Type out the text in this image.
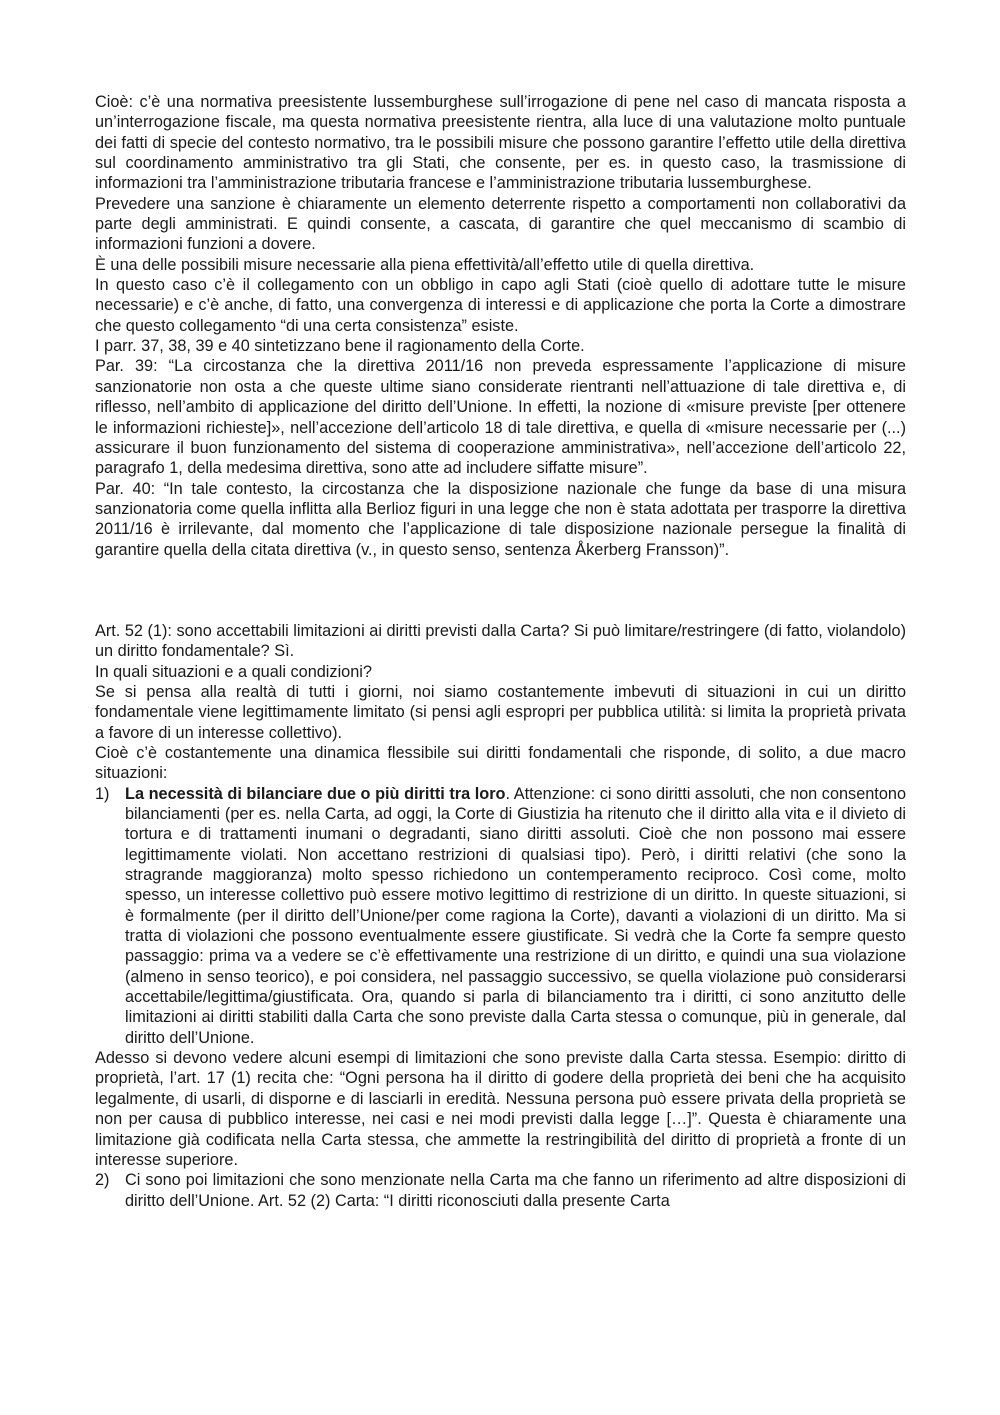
Cioè: c’è una normativa preesistente lussemburghese sull’irrogazione di pene nel caso di mancata risposta a un’interrogazione fiscale, ma questa normativa preesistente rientra, alla luce di una valutazione molto puntuale dei fatti di specie del contesto normativo, tra le possibili misure che possono garantire l’effetto utile della direttiva sul coordinamento amministrativo tra gli Stati, che consente, per es. in questo caso, la trasmissione di informazioni tra l’amministrazione tributaria francese e l’amministrazione tributaria lussemburghese.

Prevedere una sanzione è chiaramente un elemento deterrente rispetto a comportamenti non collaborativi da parte degli amministrati. E quindi consente, a cascata, di garantire che quel meccanismo di scambio di informazioni funzioni a dovere.

È una delle possibili misure necessarie alla piena effettività/all’effetto utile di quella direttiva.

In questo caso c’è il collegamento con un obbligo in capo agli Stati (cioè quello di adottare tutte le misure necessarie) e c’è anche, di fatto, una convergenza di interessi e di applicazione che porta la Corte a dimostrare che questo collegamento “di una certa consistenza” esiste.

I parr. 37, 38, 39 e 40 sintetizzano bene il ragionamento della Corte.

Par. 39: “La circostanza che la direttiva 2011/16 non preveda espressamente l’applicazione di misure sanzionatorie non osta a che queste ultime siano considerate rientranti nell’attuazione di tale direttiva e, di riflesso, nell’ambito di applicazione del diritto dell’Unione. In effetti, la nozione di «misure previste [per ottenere le informazioni richieste]», nell’accezione dell’articolo 18 di tale direttiva, e quella di «misure necessarie per (...) assicurare il buon funzionamento del sistema di cooperazione amministrativa», nell’accezione dell’articolo 22, paragrafo 1, della medesima direttiva, sono atte ad includere siffatte misure”.

Par. 40: “In tale contesto, la circostanza che la disposizione nazionale che funge da base di una misura sanzionatoria come quella inflitta alla Berlioz figuri in una legge che non è stata adottata per trasporre la direttiva 2011/16 è irrilevante, dal momento che l’applicazione di tale disposizione nazionale persegue la finalità di garantire quella della citata direttiva (v., in questo senso, sentenza Åkerberg Fransson)”.

Art. 52 (1): sono accettabili limitazioni ai diritti previsti dalla Carta? Si può limitare/restringere (di fatto, violandolo) un diritto fondamentale? Sì.

In quali situazioni e a quali condizioni?

Se si pensa alla realtà di tutti i giorni, noi siamo costantemente imbevuti di situazioni in cui un diritto fondamentale viene legittimamente limitato (si pensi agli espropri per pubblica utilità: si limita la proprietà privata a favore di un interesse collettivo).

Cioè c’è costantemente una dinamica flessibile sui diritti fondamentali che risponde, di solito, a due macro situazioni:

1) La necessità di bilanciare due o più diritti tra loro. Attenzione: ci sono diritti assoluti, che non consentono bilanciamenti (per es. nella Carta, ad oggi, la Corte di Giustizia ha ritenuto che il diritto alla vita e il divieto di tortura e di trattamenti inumani o degradanti, siano diritti assoluti. Cioè che non possono mai essere legittimamente violati. Non accettano restrizioni di qualsiasi tipo). Però, i diritti relativi (che sono la stragrande maggioranza) molto spesso richiedono un contemperamento reciproco. Così come, molto spesso, un interesse collettivo può essere motivo legittimo di restrizione di un diritto. In queste situazioni, si è formalmente (per il diritto dell’Unione/per come ragiona la Corte), davanti a violazioni di un diritto. Ma si tratta di violazioni che possono eventualmente essere giustificate. Si vedrà che la Corte fa sempre questo passaggio: prima va a vedere se c’è effettivamente una restrizione di un diritto, e quindi una sua violazione (almeno in senso teorico), e poi considera, nel passaggio successivo, se quella violazione può considerarsi accettabile/legittima/giustificata. Ora, quando si parla di bilanciamento tra i diritti, ci sono anzitutto delle limitazioni ai diritti stabiliti dalla Carta che sono previste dalla Carta stessa o comunque, più in generale, dal diritto dell’Unione.

Adesso si devono vedere alcuni esempi di limitazioni che sono previste dalla Carta stessa. Esempio: diritto di proprietà, l’art. 17 (1) recita che: “Ogni persona ha il diritto di godere della proprietà dei beni che ha acquisito legalmente, di usarli, di disporne e di lasciarli in eredità. Nessuna persona può essere privata della proprietà se non per causa di pubblico interesse, nei casi e nei modi previsti dalla legge […]”. Questa è chiaramente una limitazione già codificata nella Carta stessa, che ammette la restringibilità del diritto di proprietà a fronte di un interesse superiore.

2) Ci sono poi limitazioni che sono menzionate nella Carta ma che fanno un riferimento ad altre disposizioni di diritto dell’Unione. Art. 52 (2) Carta: “I diritti riconosciuti dalla presente Carta
